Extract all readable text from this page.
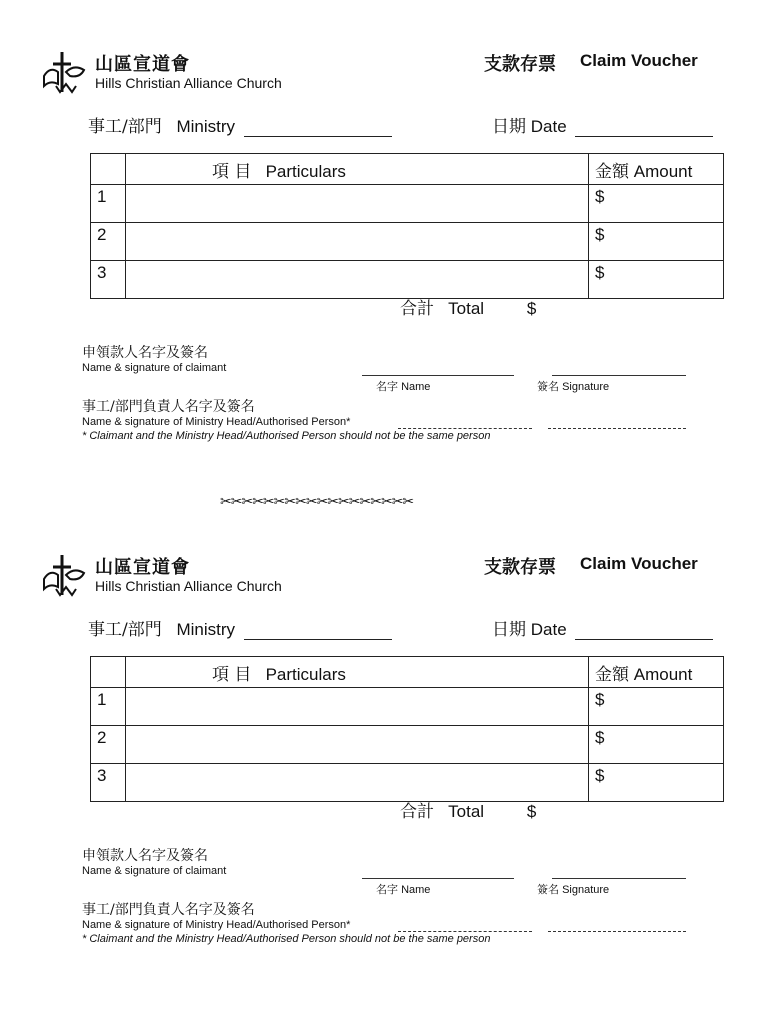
山區宣道會
Hills Christian Alliance Church
支款存票 Claim Voucher
事工/部門 Ministry	日期 Date
	項 目 Particulars	金額 Amount
1		$
2		$
3		$
合計 Total	$
申領款人名字及簽名
Name & signature of claimant
名字 Name	簽名 Signature
事工/部門負責人名字及簽名
Name & signature of Ministry Head/Authorised Person*
* Claimant and the Ministry Head/Authorised Person should not be the same person
✂✂✂✂✂✂✂✂✂✂✂✂✂✂✂✂✂✂
山區宣道會
Hills Christian Alliance Church
支款存票 Claim Voucher
事工/部門 Ministry	日期 Date
	項 目 Particulars	金額 Amount
1		$
2		$
3		$
合計 Total	$
申領款人名字及簽名
Name & signature of claimant
名字 Name	簽名 Signature
事工/部門負責人名字及簽名
Name & signature of Ministry Head/Authorised Person*
* Claimant and the Ministry Head/Authorised Person should not be the same person
